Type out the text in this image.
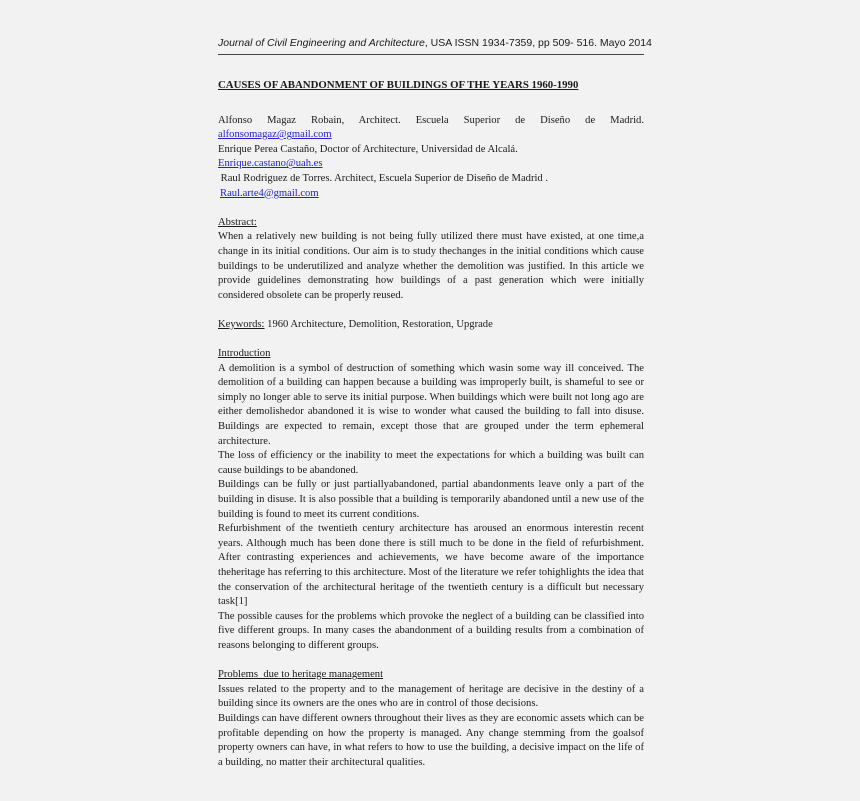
Journal of Civil Engineering and Architecture, USA ISSN 1934-7359, pp 509- 516. Mayo 2014

CAUSES OF ABANDONMENT OF BUILDINGS OF THE YEARS 1960-1990

Alfonso Magaz Robain, Architect. Escuela Superior de Diseño de Madrid.

alfonsomagaz@gmail.com

Enrique Perea Castaño, Doctor of Architecture, Universidad de Alcalá.

Enrique.castano@uah.es

Raul Rodriguez de Torres. Architect, Escuela Superior de Diseño de Madrid .

Raul.arte4@gmail.com

Abstract:

When a relatively new building is not being fully utilized there must have existed, at one time,a change in its initial conditions. Our aim is to study thechanges in the initial conditions which cause buildings to be underutilized and analyze whether the demolition was justified. In this article we provide guidelines demonstrating how buildings of a past generation which were initially considered obsolete can be properly reused.

Keywords: 1960 Architecture, Demolition, Restoration, Upgrade

Introduction

A demolition is a symbol of destruction of something which wasin some way ill conceived. The demolition of a building can happen because a building was improperly built, is shameful to see or simply no longer able to serve its initial purpose. When buildings which were built not long ago are either demolishedor abandoned it is wise to wonder what caused the building to fall into disuse. Buildings are expected to remain, except those that are grouped under the term ephemeral architecture.

The loss of efficiency or the inability to meet the expectations for which a building was built can cause buildings to be abandoned.

Buildings can be fully or just partiallyabandoned, partial abandonments leave only a part of the building in disuse. It is also possible that a building is temporarily abandoned until a new use of the building is found to meet its current conditions.

Refurbishment of the twentieth century architecture has aroused an enormous interestin recent years. Although much has been done there is still much to be done in the field of refurbishment. After contrasting experiences and achievements, we have become aware of the importance theheritage has referring to this architecture. Most of the literature we refer tohighlights the idea that the conservation of the architectural heritage of the twentieth century is a difficult but necessary task[1]

The possible causes for the problems which provoke the neglect of a building can be classified into five different groups. In many cases the abandonment of a building results from a combination of reasons belonging to different groups.

Problems  due to heritage management

Issues related to the property and to the management of heritage are decisive in the destiny of a building since its owners are the ones who are in control of those decisions.

Buildings can have different owners throughout their lives as they are economic assets which can be profitable depending on how the property is managed. Any change stemming from the goalsof property owners can have, in what refers to how to use the building, a decisive impact on the life of a building, no matter their architectural qualities.
